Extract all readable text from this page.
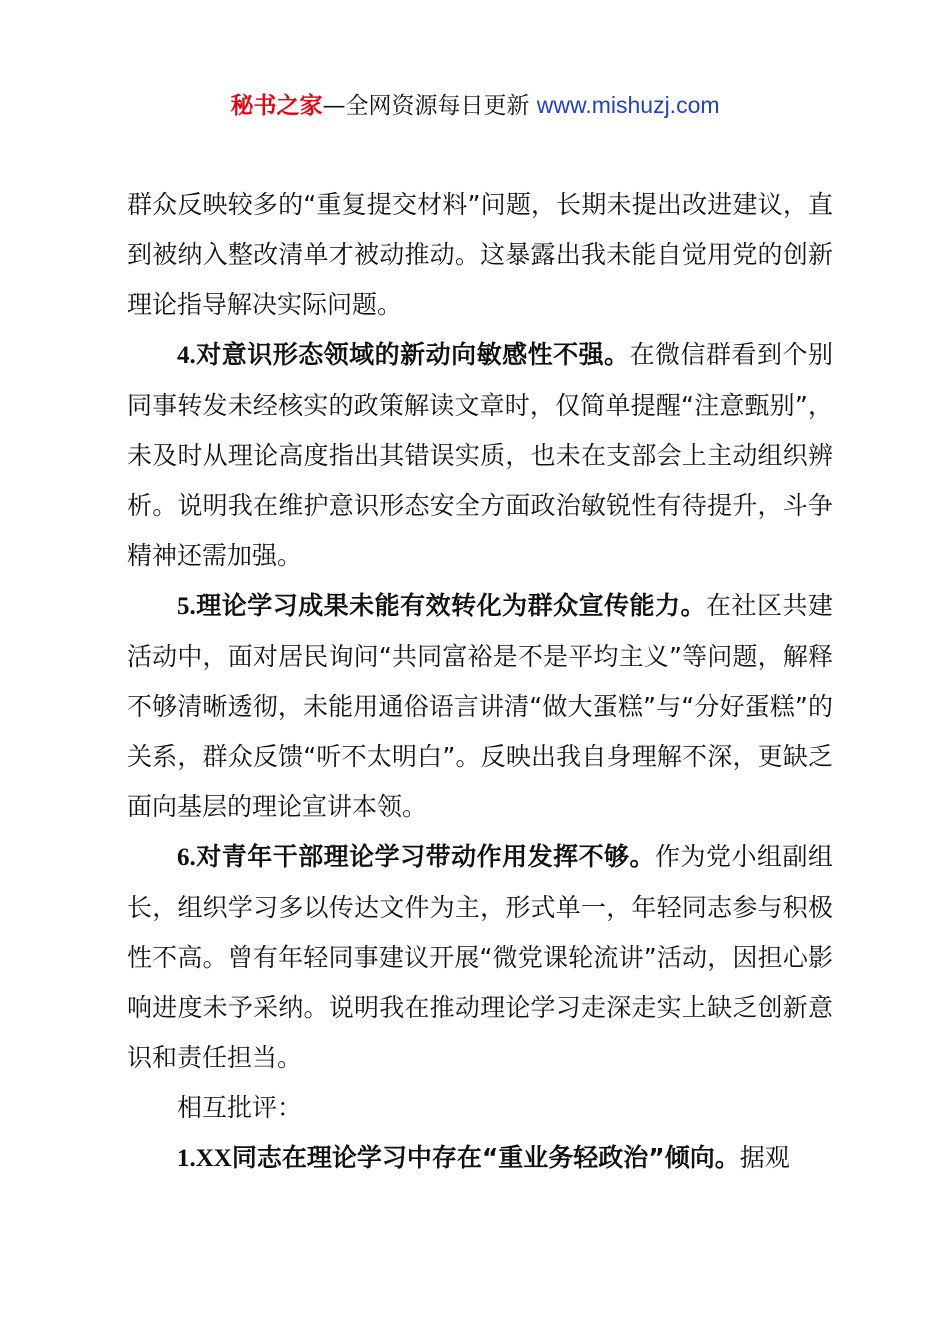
秘书之家—全网资源每日更新 www.mishuzj.com

群众反映较多的“重复提交材料”问题，长期未提出改进建议，直到被纳入整改清单才被动推动。这暴露出我未能自觉用党的创新理论指导解决实际问题。

4.对意识形态领域的新动向敏感性不强。在微信群看到个别同事转发未经核实的政策解读文章时，仅简单提醒“注意甄别”，未及时从理论高度指出其错误实质，也未在支部会上主动组织辨析。说明我在维护意识形态安全方面政治敏锐性有待提升，斗争精神还需加强。

5.理论学习成果未能有效转化为群众宣传能力。在社区共建活动中，面对居民询问“共同富裕是不是平均主义”等问题，解释不够清晰透彻，未能用通俗语言讲清“做大蛋糕”与“分好蛋糕”的关系，群众反馈“听不太明白”。反映出我自身理解不深，更缺乏面向基层的理论宣讲本领。

6.对青年干部理论学习带动作用发挥不够。作为党小组副组长，组织学习多以传达文件为主，形式单一，年轻同志参与积极性不高。曾有年轻同事建议开展“微党课轮流讲”活动，因担心影响进度未予采纳。说明我在推动理论学习走深走实上缺乏创新意识和责任担当。

相互批评：

1.XX同志在理论学习中存在“重业务轻政治”倾向。据观
